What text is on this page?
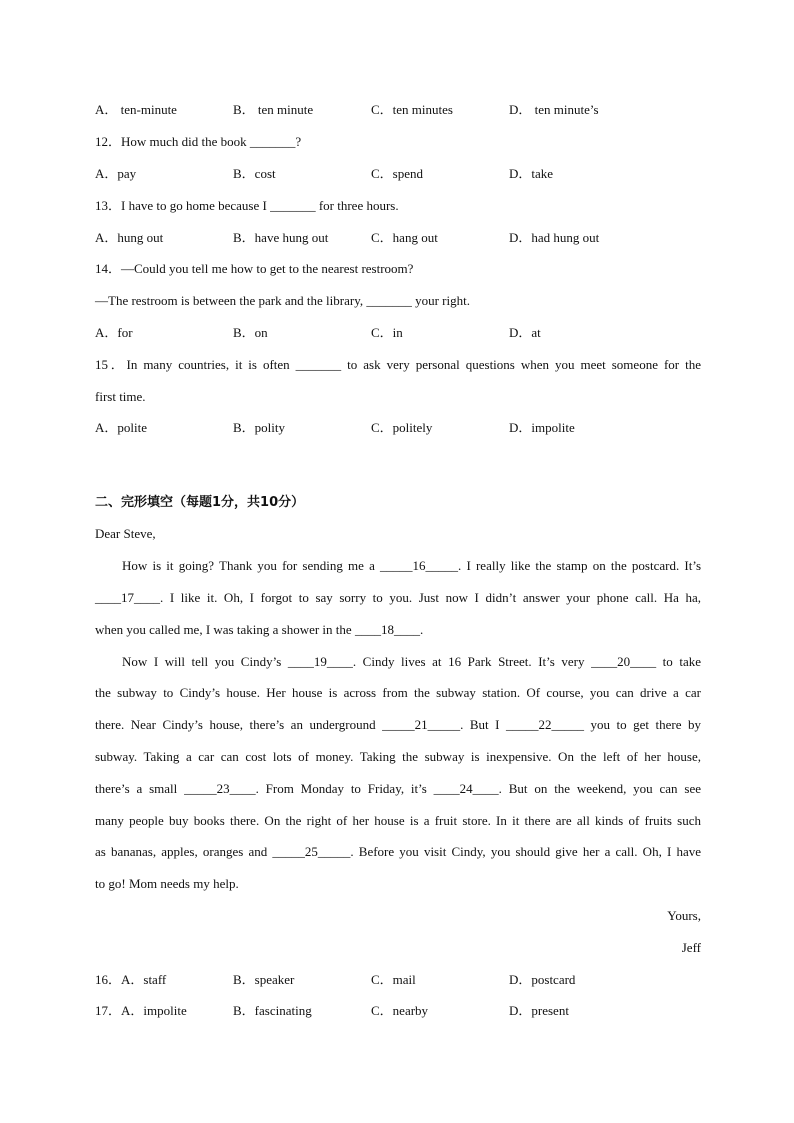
A． ten-minute	B． ten minute	C．ten minutes	D． ten minute’s
12．How much did the book _______?
A．pay	B．cost	C．spend	D．take
13．I have to go home because I _______ for three hours.
A．hung out	B．have hung out	C．hang out	D．had hung out
14．—Could you tell me how to get to the nearest restroom?
—The restroom is between the park and the library, _______ your right.
A．for	B．on	C．in	D．at
15．In many countries, it is often _______ to ask very personal questions when you meet someone for the
first time.
A．polite	B．polity	C．politely	D．impolite
二、完形填空（每题1分，共10分）
Dear Steve,
How is it going? Thank you for sending me a _____16_____. I really like the stamp on the postcard. It’s
____17____. I like it. Oh, I forgot to say sorry to you. Just now I didn’t answer your phone call. Ha ha,
when you called me, I was taking a shower in the ____18____.
Now I will tell you Cindy’s ____19____. Cindy lives at 16 Park Street. It’s very ____20____ to take
the subway to Cindy’s house. Her house is across from the subway station. Of course, you can drive a car
there. Near Cindy’s house, there’s an underground _____21_____. But I _____22_____ you to get there by
subway. Taking a car can cost lots of money. Taking the subway is inexpensive. On the left of her house,
there’s a small _____23____. From Monday to Friday, it’s ____24____. But on the weekend, you can see
many people buy books there. On the right of her house is a fruit store. In it there are all kinds of fruits such
as bananas, apples, oranges and _____25_____. Before you visit Cindy, you should give her a call. Oh, I have
to go! Mom needs my help.
Yours,
Jeff
16．A．staff	B．speaker	C．mail	D．postcard
17．A．impolite	B．fascinating	C．nearby	D．present
